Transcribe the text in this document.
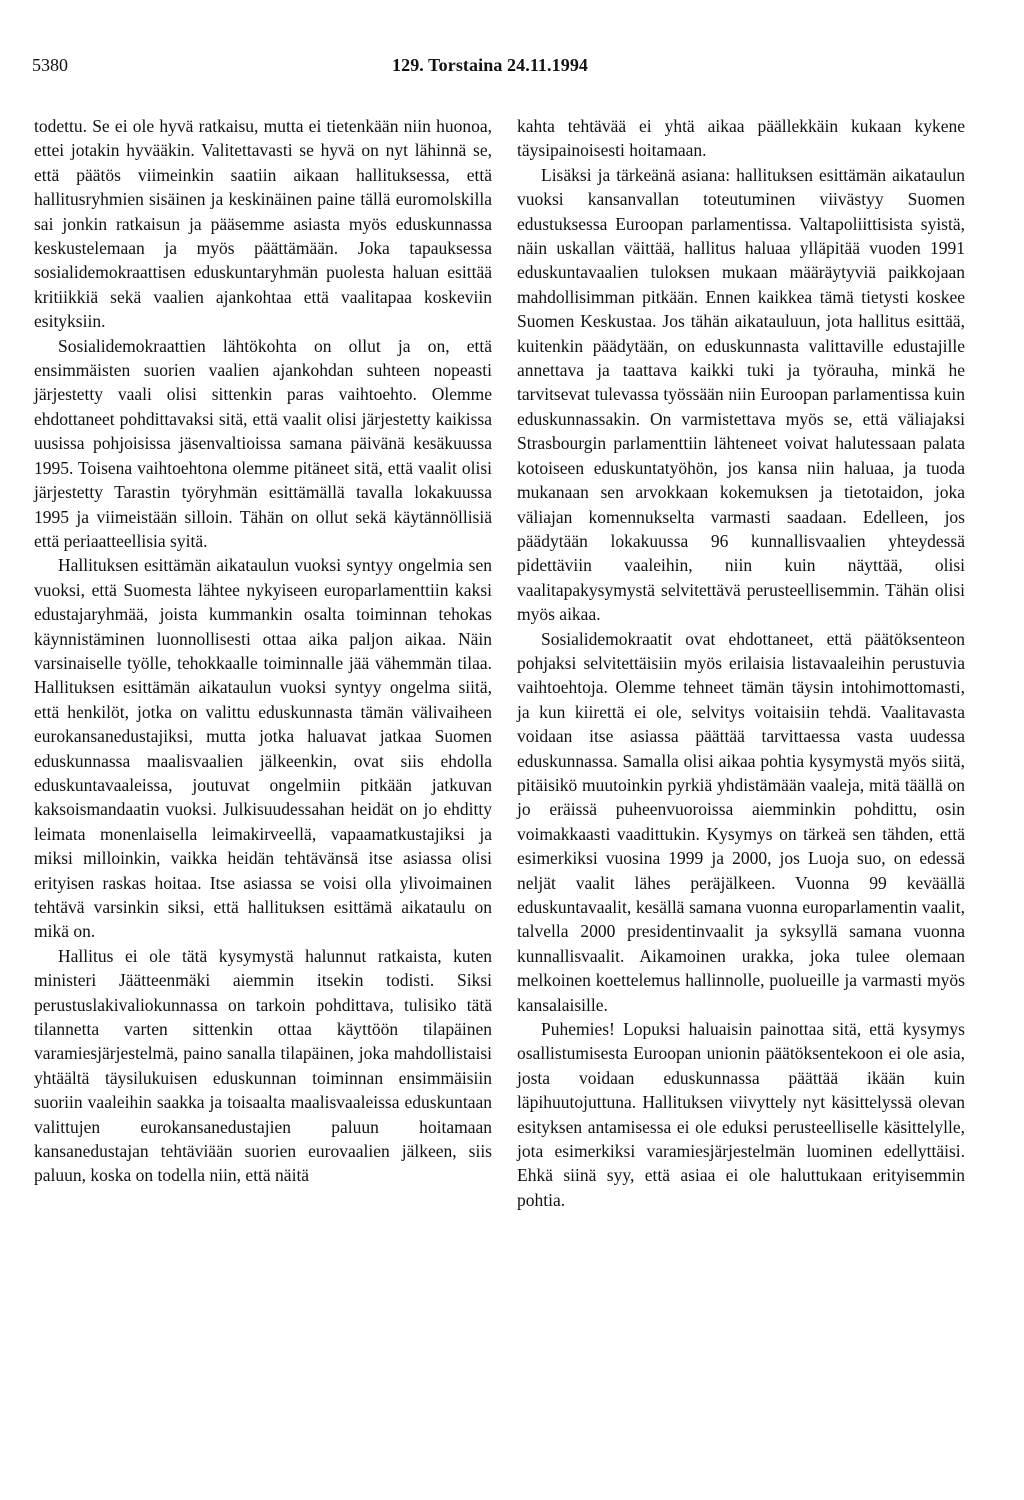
5380	129. Torstaina 24.11.1994

todettu. Se ei ole hyvä ratkaisu, mutta ei tietenkään niin huonoa, ettei jotakin hyvääkin. Valitettavasti se hyvä on nyt lähinnä se, että päätös viimeinkin saatiin aikaan hallituksessa, että hallitusryhmien sisäinen ja keskinäinen paine tällä euromolskilla sai jonkin ratkaisun ja pääsemme asiasta myös eduskunnassa keskustelemaan ja myös päättämään. Joka tapauksessa sosialidemokraattisen eduskuntaryhmän puolesta haluan esittää kritiikkiä sekä vaalien ajankohtaa että vaalitapaa koskeviin esityksiin.

Sosialidemokraattien lähtökohta on ollut ja on, että ensimmäisten suorien vaalien ajankohdan suhteen nopeasti järjestetty vaali olisi sittenkin paras vaihtoehto. Olemme ehdottaneet pohdittavaksi sitä, että vaalit olisi järjestetty kaikissa uusissa pohjoisissa jäsenvaltioissa samana päivänä kesäkuussa 1995. Toisena vaihtoehtona olemme pitäneet sitä, että vaalit olisi järjestetty Tarastin työryhmän esittämällä tavalla lokakuussa 1995 ja viimeistään silloin. Tähän on ollut sekä käytännöllisiä että periaatteellisia syitä.

Hallituksen esittämän aikataulun vuoksi syntyy ongelmia sen vuoksi, että Suomesta lähtee nykyiseen europarlamenttiin kaksi edustajaryhmää, joista kummankin osalta toiminnan tehokas käynnistäminen luonnollisesti ottaa aika paljon aikaa. Näin varsinaiselle työlle, tehokkaalle toiminnalle jää vähemmän tilaa. Hallituksen esittämän aikataulun vuoksi syntyy ongelma siitä, että henkilöt, jotka on valittu eduskunnasta tämän välivaiheen eurokansanedustajiksi, mutta jotka haluavat jatkaa Suomen eduskunnassa maalisvaalien jälkeenkin, ovat siis ehdolla eduskuntavaaleissa, joutuvat ongelmiin pitkään jatkuvan kaksoismandaatin vuoksi. Julkisuudessahan heidät on jo ehditty leimata monenlaisella leimakirveellä, vapaamatkustajiksi ja miksi milloinkin, vaikka heidän tehtävänsä itse asiassa olisi erityisen raskas hoitaa. Itse asiassa se voisi olla ylivoimainen tehtävä varsinkin siksi, että hallituksen esittämä aikataulu on mikä on.

Hallitus ei ole tätä kysymystä halunnut ratkaista, kuten ministeri Jäätteenmäki aiemmin itsekin todisti. Siksi perustuslakivaliokunnassa on tarkoin pohdittava, tulisiko tätä tilannetta varten sittenkin ottaa käyttöön tilapäinen varamiesjärjestelmä, paino sanalla tilapäinen, joka mahdollistaisi yhtäältä täysilukuisen eduskunnan toiminnan ensimmäisiin suoriin vaaleihin saakka ja toisaalta maalisvaaleissa eduskuntaan valittujen eurokansanedustajien paluun hoitamaan kansanedustajan tehtäviään suorien eurovaalien jälkeen, siis paluun, koska on todella niin, että näitä

kahta tehtävää ei yhtä aikaa päällekkäin kukaan kykene täysipainoisesti hoitamaan.

Lisäksi ja tärkeänä asiana: hallituksen esittämän aikataulun vuoksi kansanvallan toteutuminen viivästyy Suomen edustuksessa Euroopan parlamentissa. Valtapoliittisista syistä, näin uskallan väittää, hallitus haluaa ylläpitää vuoden 1991 eduskuntavaalien tuloksen mukaan määräytyviä paikkojaan mahdollisimman pitkään. Ennen kaikkea tämä tietysti koskee Suomen Keskustaa. Jos tähän aikatauluun, jota hallitus esittää, kuitenkin päädytään, on eduskunnasta valittaville edustajille annettava ja taattava kaikki tuki ja työrauha, minkä he tarvitsevat tulevassa työssään niin Euroopan parlamentissa kuin eduskunnassakin. On varmistettava myös se, että väliajaksi Strasbourgin parlamenttiin lähteneet voivat halutessaan palata kotoiseen eduskuntatyöhön, jos kansa niin haluaa, ja tuoda mukanaan sen arvokkaan kokemuksen ja tietotaidon, joka väliajan komennukselta varmasti saadaan. Edelleen, jos päädytään lokakuussa 96 kunnallisvaalien yhteydessä pidettäviin vaaleihin, niin kuin näyttää, olisi vaalitapakysymystä selvitettävä perusteellisemmin. Tähän olisi myös aikaa.

Sosialidemokraatit ovat ehdottaneet, että päätöksenteon pohjaksi selvitettäisiin myös erilaisia listavaaleihin perustuvia vaihtoehtoja. Olemme tehneet tämän täysin intohimottomasti, ja kun kiirettä ei ole, selvitys voitaisiin tehdä. Vaalitavasta voidaan itse asiassa päättää tarvittaessa vasta uudessa eduskunnassa. Samalla olisi aikaa pohtia kysymystä myös siitä, pitäisikö muutoinkin pyrkiä yhdistämään vaaleja, mitä täällä on jo eräissä puheenvuoroissa aiemminkin pohdittu, osin voimakkaasti vaadittukin. Kysymys on tärkeä sen tähden, että esimerkiksi vuosina 1999 ja 2000, jos Luoja suo, on edessä neljät vaalit lähes peräjälkeen. Vuonna 99 keväällä eduskuntavaalit, kesällä samana vuonna europarlamentin vaalit, talvella 2000 presidentinvaalit ja syksyllä samana vuonna kunnallisvaalit. Aikamoinen urakka, joka tulee olemaan melkoinen koettelemus hallinnolle, puolueille ja varmasti myös kansalaisille.

Puhemies! Lopuksi haluaisin painottaa sitä, että kysymys osallistumisesta Euroopan unionin päätöksentekoon ei ole asia, josta voidaan eduskunnassa päättää ikään kuin läpihuutojuttuna. Hallituksen viivyttely nyt käsittelyssä olevan esityksen antamisessa ei ole eduksi perusteelliselle käsittelylle, jota esimerkiksi varamiesjärjestelmän luominen edellyttäisi. Ehkä siinä syy, että asiaa ei ole haluttukaan erityisemmin pohtia.
